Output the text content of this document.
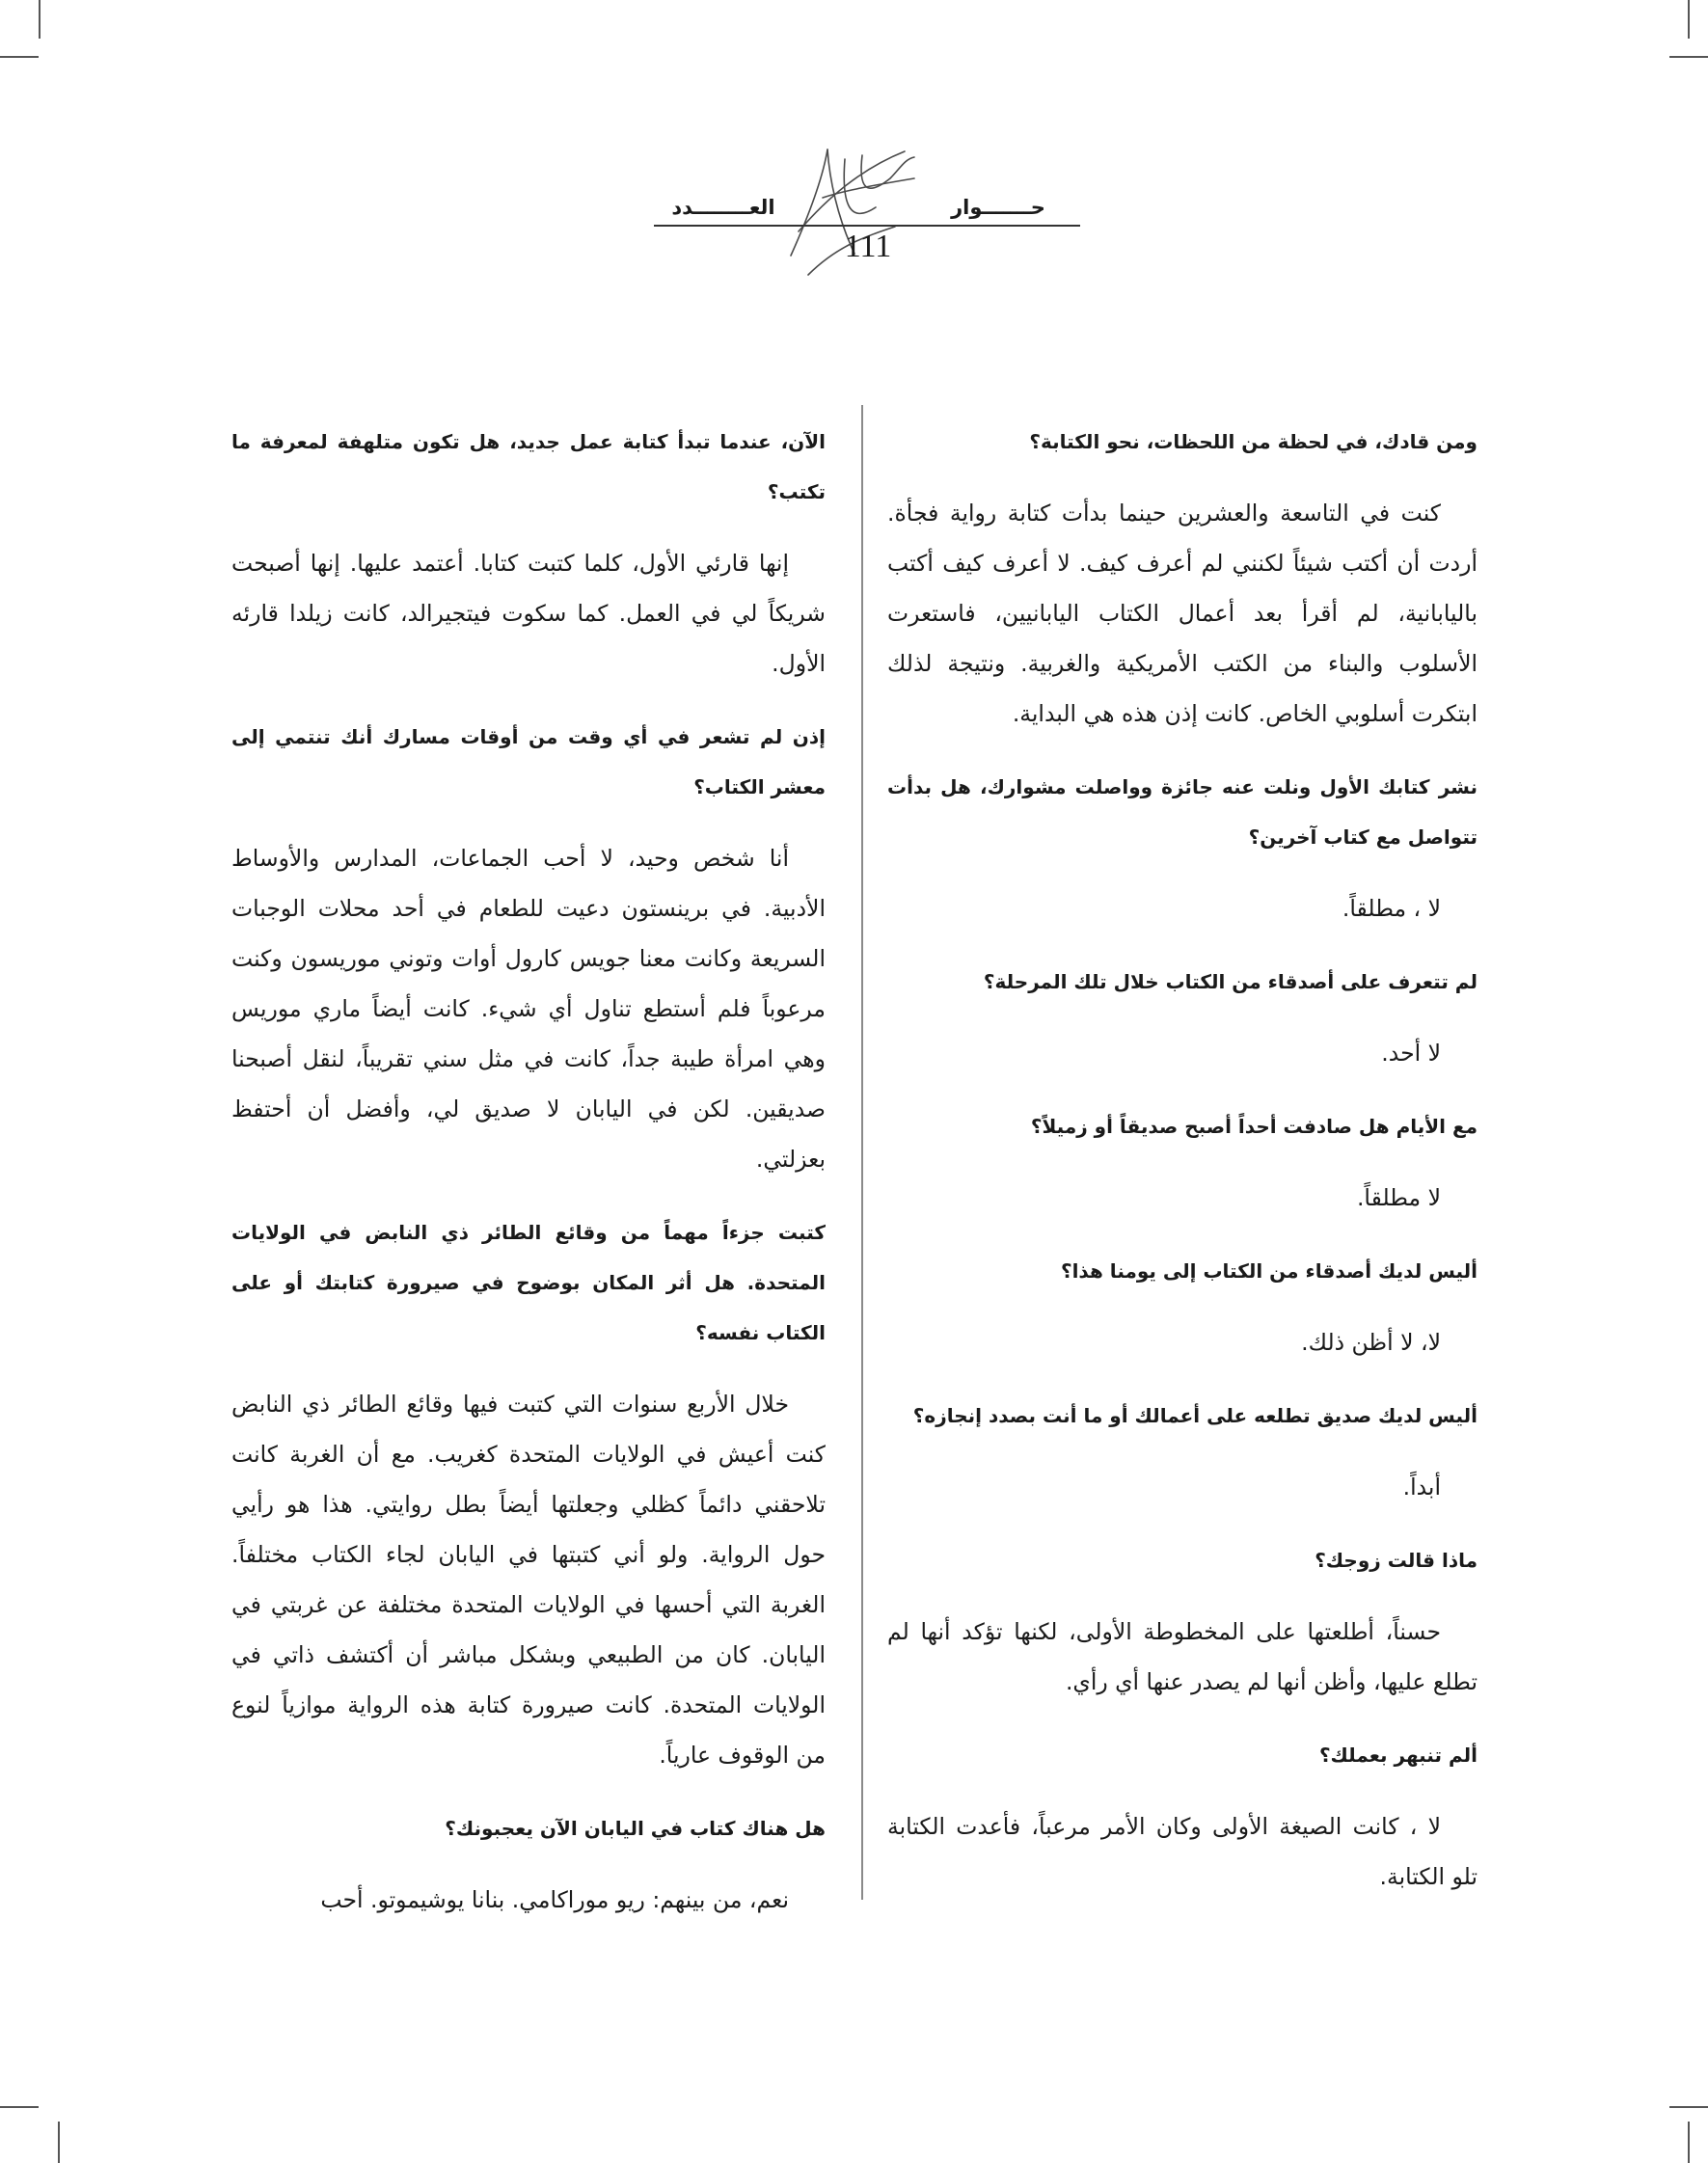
العــــــــدد	حـــــــوار
111

ومن قادك، في لحظة من اللحظات، نحو الكتابة؟

كنت في التاسعة والعشرين حينما بدأت كتابة رواية فجأة. أردت أن أكتب شيئاً لكنني لم أعرف كيف. لا أعرف كيف أكتب باليابانية، لم أقرأ بعد أعمال الكتاب اليابانيين، فاستعرت الأسلوب والبناء من الكتب الأمريكية والغربية. ونتيجة لذلك ابتكرت أسلوبي الخاص. كانت إذن هذه هي البداية.

نشر كتابك الأول ونلت عنه جائزة وواصلت مشوارك، هل بدأت تتواصل مع كتاب آخرين؟

لا ، مطلقاً.

لم تتعرف على أصدقاء من الكتاب خلال تلك المرحلة؟

لا أحد.

مع الأيام هل صادفت أحداً أصبح صديقاً أو زميلاً؟

لا مطلقاً.

أليس لديك أصدقاء من الكتاب إلى يومنا هذا؟

لا، لا أظن ذلك.

أليس لديك صديق تطلعه على أعمالك أو ما أنت بصدد إنجازه؟

أبداً.

ماذا قالت زوجك؟

حسناً، أطلعتها على المخطوطة الأولى، لكنها تؤكد أنها لم تطلع عليها، وأظن أنها لم يصدر عنها أي رأي.

ألم تنبهر بعملك؟

لا ، كانت الصيغة الأولى وكان الأمر مرعباً، فأعدت الكتابة تلو الكتابة.

الآن، عندما تبدأ كتابة عمل جديد، هل تكون متلهفة لمعرفة ما تكتب؟

إنها قارئي الأول، كلما كتبت كتابا. أعتمد عليها. إنها أصبحت شريكاً لي في العمل. كما سكوت فيتجيرالد، كانت زيلدا قارئه الأول.

إذن لم تشعر في أي وقت من أوقات مسارك أنك تنتمي إلى معشر الكتاب؟

أنا شخص وحيد، لا أحب الجماعات، المدارس والأوساط الأدبية. في برينستون دعيت للطعام في أحد محلات الوجبات السريعة وكانت معنا جويس كارول أوات وتوني موريسون وكنت مرعوباً فلم أستطع تناول أي شيء. كانت أيضاً ماري موريس وهي امرأة طيبة جداً، كانت في مثل سني تقريباً، لنقل أصبحنا صديقين. لكن في اليابان لا صديق لي، وأفضل أن أحتفظ بعزلتي.

كتبت جزءاً مهماً من وقائع الطائر ذي النابض في الولايات المتحدة. هل أثر المكان بوضوح في صيرورة كتابتك أو على الكتاب نفسه؟

خلال الأربع سنوات التي كتبت فيها وقائع الطائر ذي النابض كنت أعيش في الولايات المتحدة كغريب. مع أن الغربة كانت تلاحقني دائماً كظلي وجعلتها أيضاً بطل روايتي. هذا هو رأيي حول الرواية. ولو أني كتبتها في اليابان لجاء الكتاب مختلفاً. الغربة التي أحسها في الولايات المتحدة مختلفة عن غربتي في اليابان. كان من الطبيعي وبشكل مباشر أن أكتشف ذاتي في الولايات المتحدة. كانت صيرورة كتابة هذه الرواية موازياً لنوع من الوقوف عارياً.

هل هناك كتاب في اليابان الآن يعجبونك؟

نعم، من بينهم: ريو موراكامي. بنانا يوشيموتو. أحب
